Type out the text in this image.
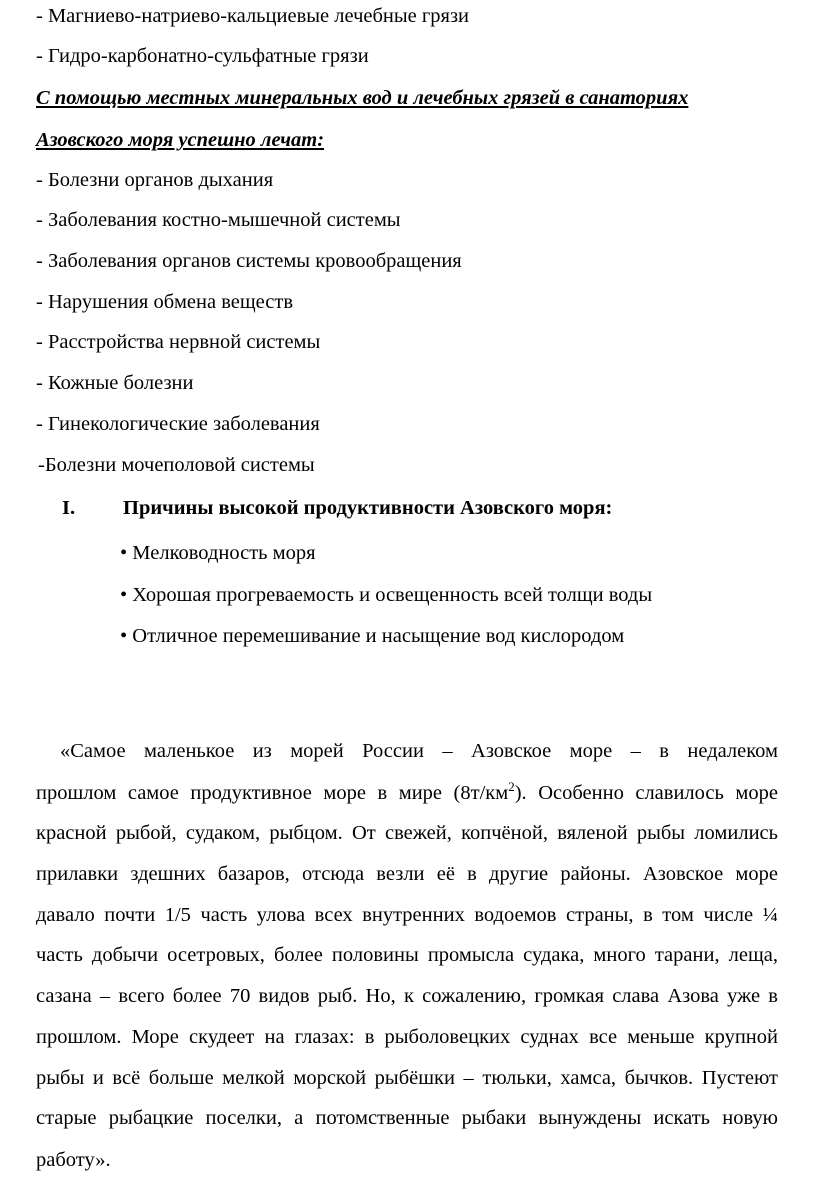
- Магниево-натриево-кальциевые лечебные грязи
- Гидро-карбонатно-сульфатные грязи
С помощью местных минеральных вод и лечебных грязей в санаториях
Азовского моря успешно лечат:
- Болезни органов дыхания
- Заболевания костно-мышечной системы
- Заболевания органов системы кровообращения
- Нарушения обмена веществ
- Расстройства нервной системы
- Кожные болезни
- Гинекологические заболевания
-Болезни мочеполовой системы
I. Причины высокой продуктивности Азовского моря:
• Мелководность моря
• Хорошая прогреваемость и освещенность всей толщи воды
• Отличное перемешивание и насыщение вод кислородом
«Самое маленькое из морей России – Азовское море – в недалеком
прошлом самое продуктивное море в мире $(8т/км^2)$. Особенно славилось море
красной рыбой, судаком, рыбцом. От свежей, копчёной, вяленой рыбы ломились
прилавки здешних базаров, отсюда везли её в другие районы. Азовское море
давало почти 1/5 часть улова всех внутренних водоемов страны, в том числе ¼
часть добычи осетровых, более половины промысла судака, много тарани, леща,
сазана – всего более 70 видов рыб. Но, к сожалению, громкая слава Азова уже в
прошлом. Море скудеет на глазах: в рыболовецких суднах все меньше крупной
рыбы и всё больше мелкой морской рыбёшки – тюльки, хамса, бычков. Пустеют
старые рыбацкие поселки, а потомственные рыбаки вынуждены искать новую
работу».
